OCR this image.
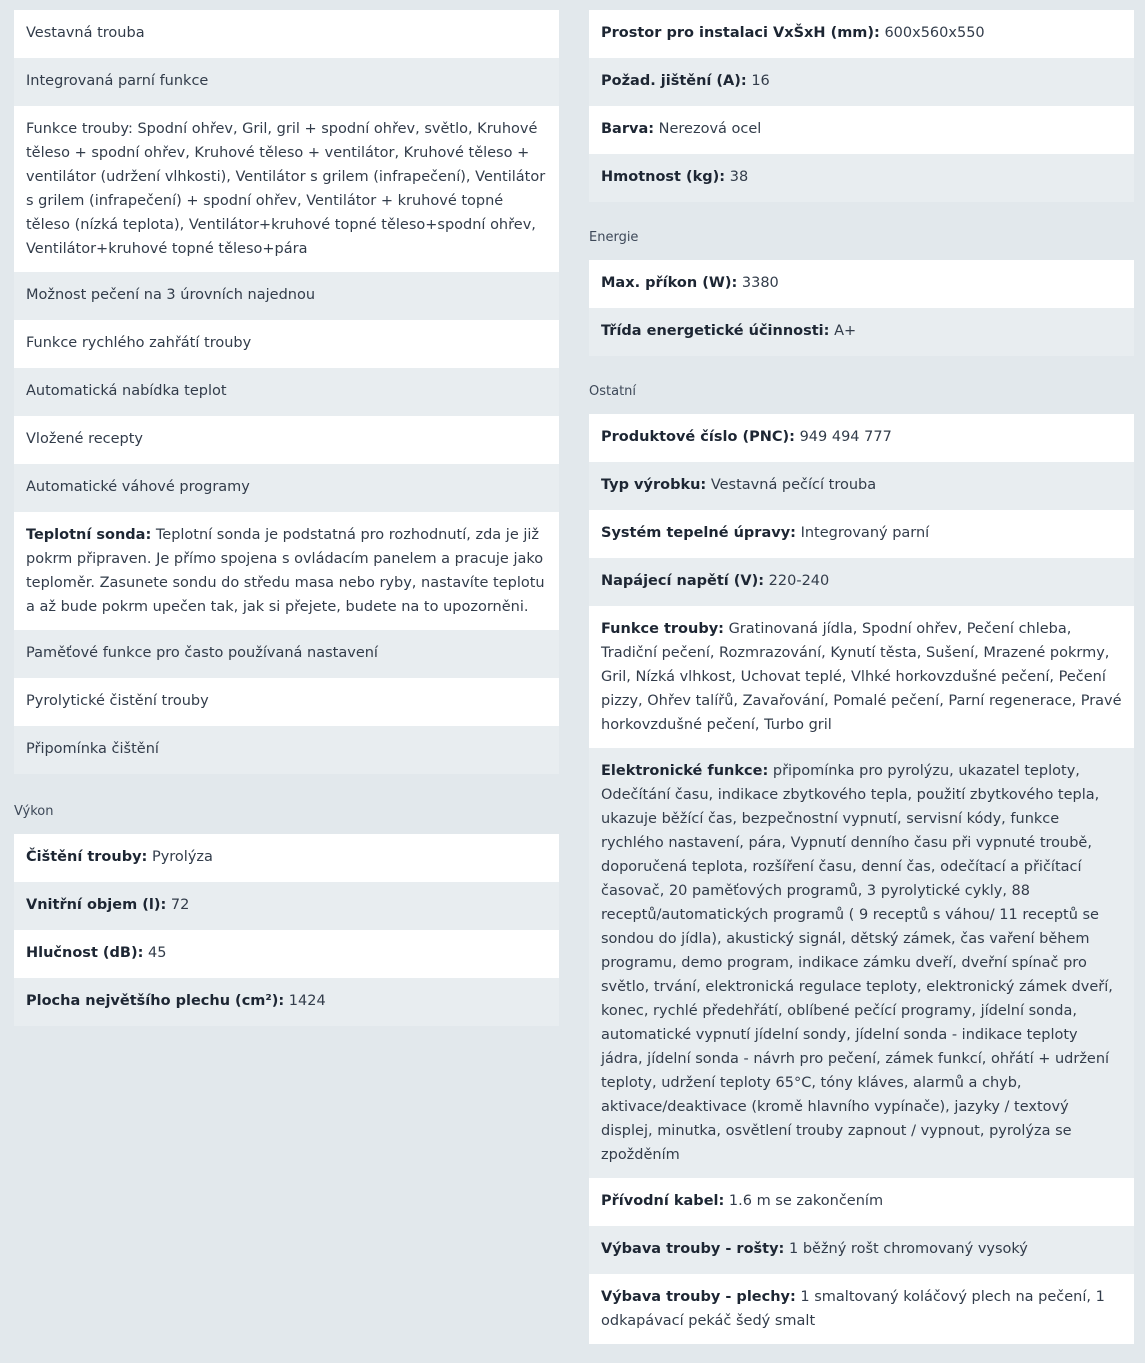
Vestavná trouba
Integrovaná parní funkce
Funkce trouby: Spodní ohřev, Gril, gril + spodní ohřev, světlo, Kruhové těleso + spodní ohřev, Kruhové těleso + ventilátor, Kruhové těleso + ventilátor (udržení vlhkosti), Ventilátor s grilem (infrapečení), Ventilátor s grilem (infrapečení) + spodní ohřev, Ventilátor + kruhové topné těleso (nízká teplota), Ventilátor+kruhové topné těleso+spodní ohřev, Ventilátor+kruhové topné těleso+pára
Možnost pečení na 3 úrovních najednou
Funkce rychlého zahřátí trouby
Automatická nabídka teplot
Vložené recepty
Automatické váhové programy
Teplotní sonda: Teplotní sonda je podstatná pro rozhodnutí, zda je již pokrm připraven. Je přímo spojena s ovládacím panelem a pracuje jako teploměr. Zasunete sondu do středu masa nebo ryby, nastavíte teplotu a až bude pokrm upečen tak, jak si přejete, budete na to upozorněni.
Paměťové funkce pro často používaná nastavení
Pyrolytické čistění trouby
Připomínka čištění
Výkon
Čištění trouby: Pyrolýza
Vnitřní objem (l): 72
Hlučnost (dB): 45
Plocha největšího plechu (cm²): 1424
Prostor pro instalaci VxŠxH (mm): 600x560x550
Požad. jištění (A): 16
Barva: Nerezová ocel
Hmotnost (kg): 38
Energie
Max. příkon (W): 3380
Třída energetické účinnosti: A+
Ostatní
Produktové číslo (PNC): 949 494 777
Typ výrobku: Vestavná pečící trouba
Systém tepelné úpravy: Integrovaný parní
Napájecí napětí (V): 220-240
Funkce trouby: Gratinovaná jídla, Spodní ohřev, Pečení chleba, Tradiční pečení, Rozmrazování, Kynutí těsta, Sušení, Mrazené pokrmy, Gril, Nízká vlhkost, Uchovat teplé, Vlhké horkovzdušné pečení, Pečení pizzy, Ohřev talířů, Zavařování, Pomalé pečení, Parní regenerace, Pravé horkovzdušné pečení, Turbo gril
Elektronické funkce: připomínka pro pyrolýzu, ukazatel teploty, Odečítání času, indikace zbytkového tepla, použití zbytkového tepla, ukazuje běžící čas, bezpečnostní vypnutí, servisní kódy, funkce rychlého nastavení, pára, Vypnutí denního času při vypnuté troubě, doporučená teplota, rozšíření času, denní čas, odečítací a přičítací časovač, 20 paměťových programů, 3 pyrolytické cykly, 88 receptů/automatických programů ( 9 receptů s váhou/ 11 receptů se sondou do jídla), akustický signál, dětský zámek, čas vaření během programu, demo program, indikace zámku dveří, dveřní spínač pro světlo, trvání, elektronická regulace teploty, elektronický zámek dveří, konec, rychlé předehřátí, oblíbené pečící programy, jídelní sonda, automatické vypnutí jídelní sondy, jídelní sonda - indikace teploty jádra, jídelní sonda - návrh pro pečení, zámek funkcí, ohřátí + udržení teploty, udržení teploty 65°C, tóny kláves, alarmů a chyb, aktivace/deaktivace (kromě hlavního vypínače), jazyky / textový displej, minutka, osvětlení trouby zapnout / vypnout, pyrolýza se zpožděním
Přívodní kabel: 1.6 m se zakončením
Výbava trouby - rošty: 1 běžný rošt chromovaný vysoký
Výbava trouby - plechy: 1 smaltovaný koláčový plech na pečení, 1 odkapávací pekáč šedý smalt
